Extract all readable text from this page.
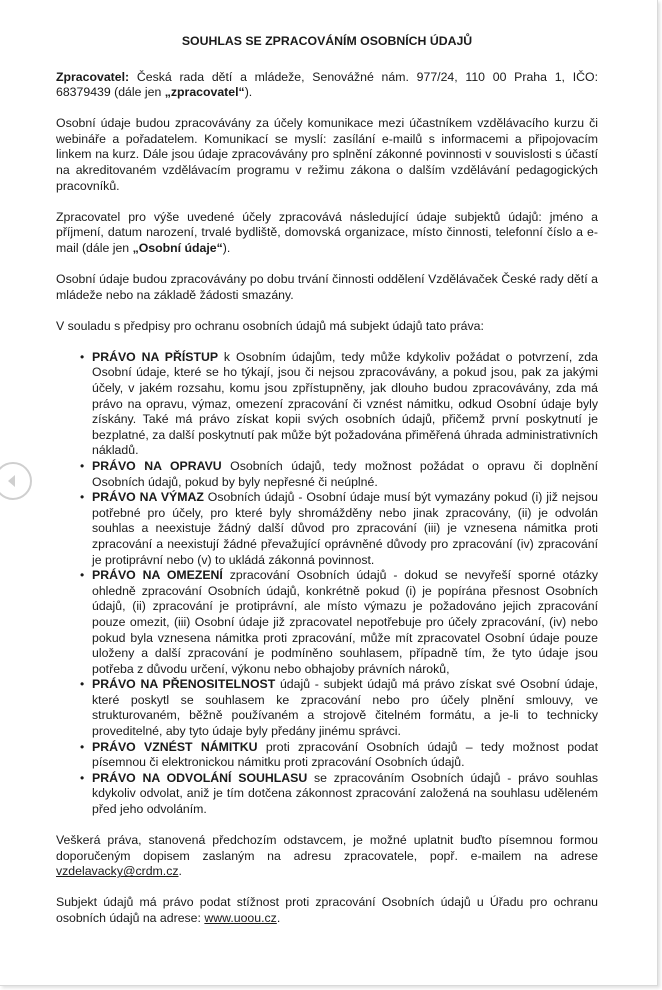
SOUHLAS SE ZPRACOVÁNÍM OSOBNÍCH ÚDAJŮ

Zpracovatel: Česká rada dětí a mládeže, Senovážné nám. 977/24, 110 00 Praha 1, IČO: 68379439 (dále jen „zpracovatel“).

Osobní údaje budou zpracovávány za účely komunikace mezi účastníkem vzdělávacího kurzu či webináře a pořadatelem. Komunikací se myslí: zasílání e-mailů s informacemi a připojovacím linkem na kurz. Dále jsou údaje zpracovávány pro splnění zákonné povinnosti v souvislosti s účastí na akreditovaném vzdělávacím programu v režimu zákona o dalším vzdělávání pedagogických pracovníků.

Zpracovatel pro výše uvedené účely zpracovává následující údaje subjektů údajů: jméno a příjmení, datum narození, trvalé bydliště, domovská organizace, místo činnosti, telefonní číslo a e-mail (dále jen „Osobní údaje“).

Osobní údaje budou zpracovávány po dobu trvání činnosti oddělení Vzdělávaček České rady dětí a mládeže nebo na základě žádosti smazány.

V souladu s předpisy pro ochranu osobních údajů má subjekt údajů tato práva:

• PRÁVO NA PŘÍSTUP k Osobním údajům, tedy může kdykoliv požádat o potvrzení, zda Osobní údaje, které se ho týkají, jsou či nejsou zpracovávány, a pokud jsou, pak za jakými účely, v jakém rozsahu, komu jsou zpřístupněny, jak dlouho budou zpracovávány, zda má právo na opravu, výmaz, omezení zpracování či vznést námitku, odkud Osobní údaje byly získány. Také má právo získat kopii svých osobních údajů, přičemž první poskytnutí je bezplatné, za další poskytnutí pak může být požadována přiměřená úhrada administrativních nákladů.
• PRÁVO NA OPRAVU Osobních údajů, tedy možnost požádat o opravu či doplnění Osobních údajů, pokud by byly nepřesné či neúplné.
• PRÁVO NA VÝMAZ Osobních údajů - Osobní údaje musí být vymazány pokud (i) již nejsou potřebné pro účely, pro které byly shromážděny nebo jinak zpracovány, (ii) je odvolán souhlas a neexistuje žádný další důvod pro zpracování (iii) je vznesena námitka proti zpracování a neexistují žádné převažující oprávněné důvody pro zpracování (iv) zpracování je protiprávní nebo (v) to ukládá zákonná povinnost.
• PRÁVO NA OMEZENÍ zpracování Osobních údajů - dokud se nevyřeší sporné otázky ohledně zpracování Osobních údajů, konkrétně pokud (i) je popírána přesnost Osobních údajů, (ii) zpracování je protiprávní, ale místo výmazu je požadováno jejich zpracování pouze omezit, (iii) Osobní údaje již zpracovatel nepotřebuje pro účely zpracování, (iv) nebo pokud byla vznesena námitka proti zpracování, může mít zpracovatel Osobní údaje pouze uloženy a další zpracování je podmíněno souhlasem, případně tím, že tyto údaje jsou potřeba z důvodu určení, výkonu nebo obhajoby právních nároků,
• PRÁVO NA PŘENOSITELNOST údajů - subjekt údajů má právo získat své Osobní údaje, které poskytl se souhlasem ke zpracování nebo pro účely plnění smlouvy, ve strukturovaném, běžně používaném a strojově čitelném formátu, a je-li to technicky proveditelné, aby tyto údaje byly předány jinému správci.
• PRÁVO VZNÉST NÁMITKU proti zpracování Osobních údajů – tedy možnost podat písemnou či elektronickou námitku proti zpracování Osobních údajů.
• PRÁVO NA ODVOLÁNÍ SOUHLASU se zpracováním Osobních údajů - právo souhlas kdykoliv odvolat, aniž je tím dotčena zákonnost zpracování založená na souhlasu uděleném před jeho odvoláním.

Veškerá práva, stanovená předchozím odstavcem, je možné uplatnit buďto písemnou formou doporučeným dopisem zaslaným na adresu zpracovatele, popř. e-mailem na adrese vzdelavacky@crdm.cz.

Subjekt údajů má právo podat stížnost proti zpracování Osobních údajů u Úřadu pro ochranu osobních údajů na adrese: www.uoou.cz.
